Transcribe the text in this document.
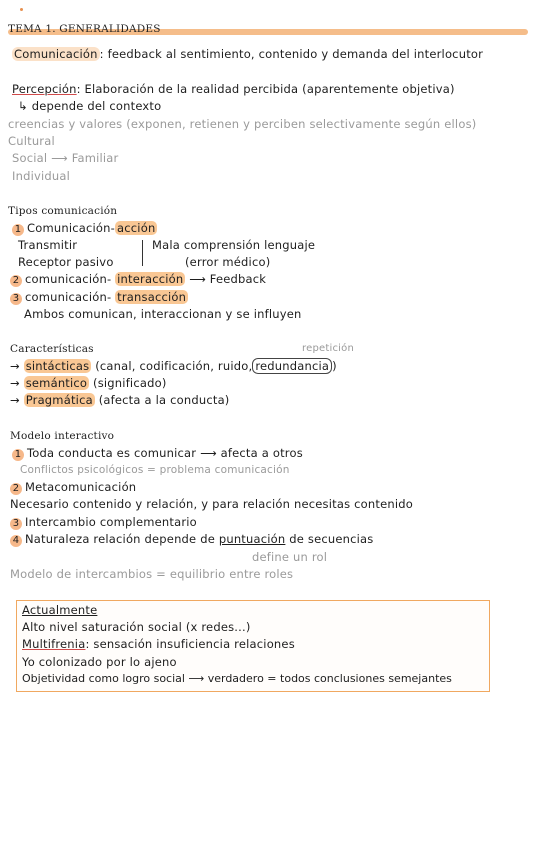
TEMA 1. GENERALIDADES
Comunicación : feedback al sentimiento, contenido y demanda del interlocutor
Percepción: Elaboración de la realidad percibida (aparentemente objetiva)
↳ depende del contexto
creencias y valores (exponen, retienen y perciben selectivamente según ellos)
Cultural
Social ⟶ Familiar
Individual
Tipos comunicación
1 Comunicación- acción
Transmitir
Receptor pasivo
Mala comprensión lenguaje
(error médico)
2 comunicación- interacción ⟶ Feedback
3 comunicación- transacción
Ambos comunican, interaccionan y se influyen
Características	repetición
→ sintácticas (canal, codificación, ruido, redundancia )
→ semántico (significado)
→ Pragmática (afecta a la conducta)
Modelo interactivo
1 Toda conducta es comunicar ⟶ afecta a otros
Conflictos psicológicos = problema comunicación
2 Metacomunicación
Necesario contenido y relación, y para relación necesitas contenido
3 Intercambio complementario
4 Naturaleza relación depende de puntuación de secuencias
define un rol
Modelo de intercambios = equilibrio entre roles
Actualmente
Alto nivel saturación social (x redes...)
Multifrenia: sensación insuficiencia relaciones
Yo colonizado por lo ajeno
Objetividad como logro social ⟶ verdadero = todos conclusiones semejantes
